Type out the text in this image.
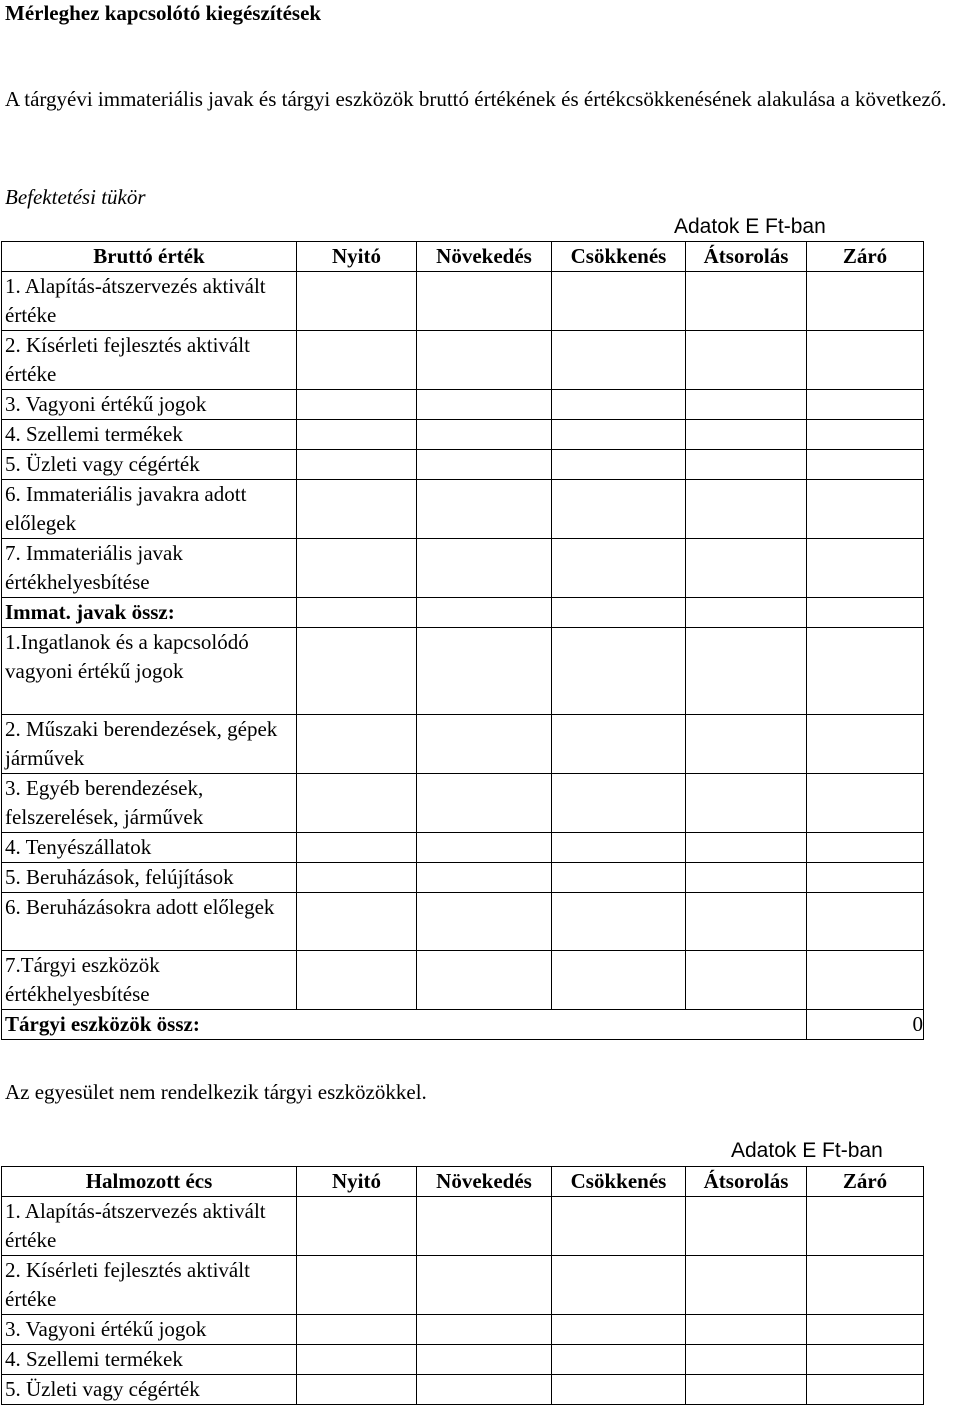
Mérleghez kapcsolótó kiegészítések

A tárgyévi immateriális javak és tárgyi eszközök bruttó értékének és értékcsökkenésének alakulása a következő.

Befektetési tükör

Adatok E Ft-ban

Bruttó érték	Nyitó	Növekedés	Csökkenés	Átsorolás	Záró
1. Alapítás-átszervezés aktivált értéke					
2. Kísérleti fejlesztés aktivált értéke					
3. Vagyoni értékű jogok					
4. Szellemi termékek					
5. Üzleti vagy cégérték					
6. Immateriális javakra adott előlegek					
7. Immateriális javak értékhelyesbítése					
Immat. javak össz:					
1.Ingatlanok és a kapcsolódó vagyoni értékű jogok					
2. Műszaki berendezések, gépek járművek					
3. Egyéb berendezések, felszerelések, járművek					
4. Tenyészállatok					
5. Beruházások, felújítások					
6. Beruházásokra adott előlegek					
7.Tárgyi eszközök értékhelyesbítése					
Tárgyi eszközök össz:					0

Az egyesület nem rendelkezik tárgyi eszközökkel.

Adatok E Ft-ban

Halmozott écs	Nyitó	Növekedés	Csökkenés	Átsorolás	Záró
1. Alapítás-átszervezés aktivált értéke					
2. Kísérleti fejlesztés aktivált értéke					
3. Vagyoni értékű jogok					
4. Szellemi termékek					
5. Üzleti vagy cégérték					
